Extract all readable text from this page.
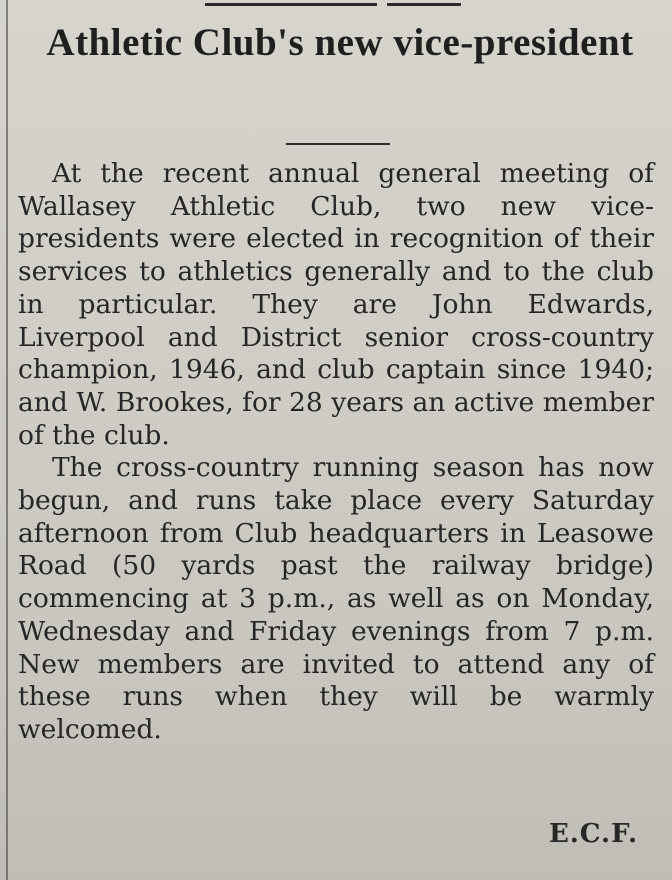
Athletic Club's new vice-president

At the recent annual general meeting of Wallasey Athletic Club, two new vice-presidents were elected in recognition of their services to athletics generally and to the club in particular. They are John Edwards, Liverpool and District senior cross-country champion, 1946, and club captain since 1940; and W. Brookes, for 28 years an active member of the club.

The cross-country running season has now begun, and runs take place every Saturday afternoon from Club headquarters in Leasowe Road (50 yards past the railway bridge) commencing at 3 p.m., as well as on Monday, Wednesday and Friday evenings from 7 p.m. New members are invited to attend any of these runs when they will be warmly welcomed.

E.C.F.
